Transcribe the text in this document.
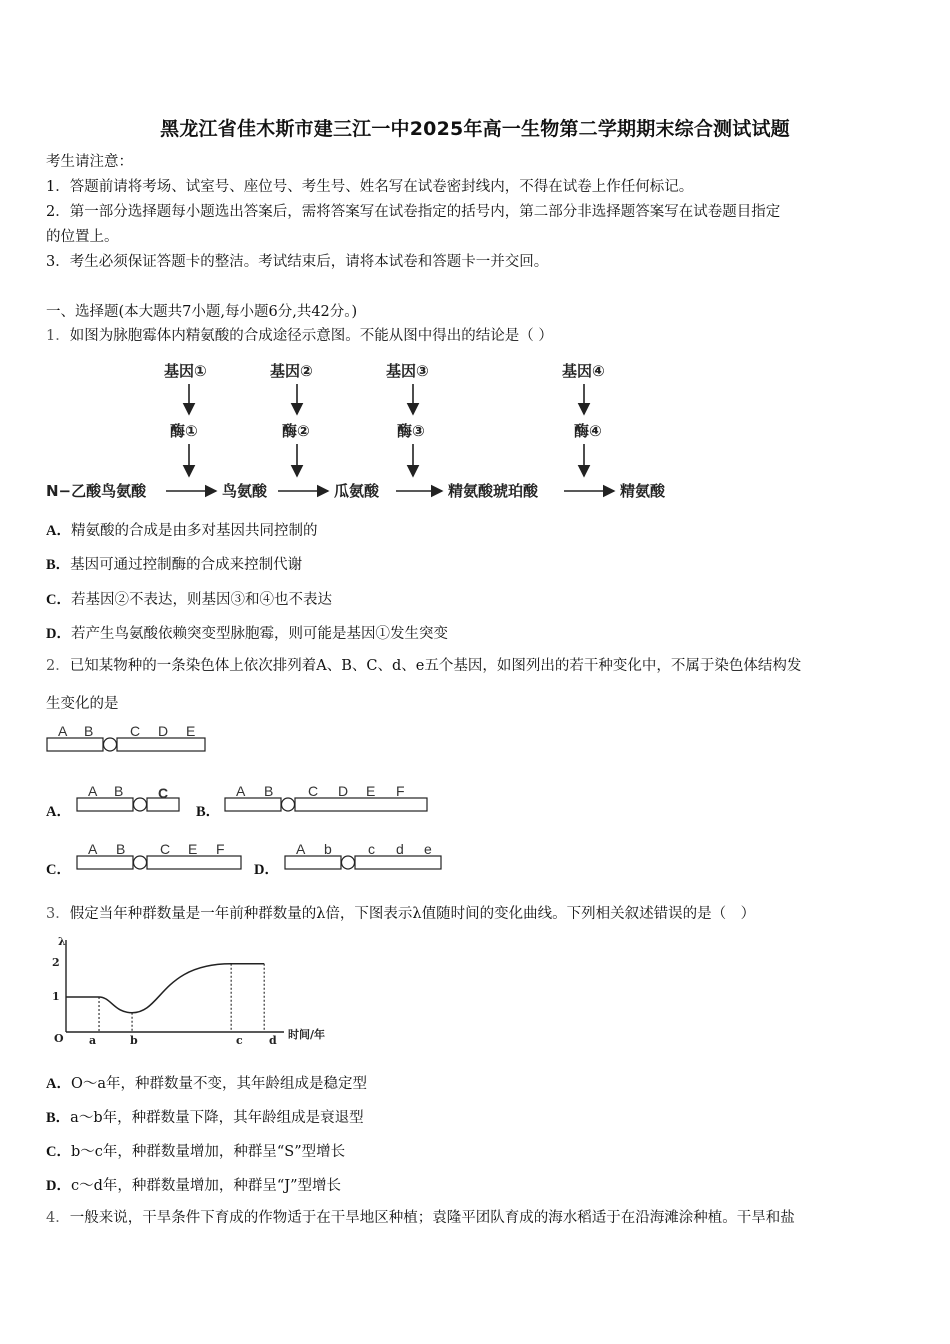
黑龙江省佳木斯市建三江一中2025年高一生物第二学期期末综合测试试题
考生请注意：
1．答题前请将考场、试室号、座位号、考生号、姓名写在试卷密封线内，不得在试卷上作任何标记。
2．第一部分选择题每小题选出答案后，需将答案写在试卷指定的括号内，第二部分非选择题答案写在试卷题目指定
的位置上。
3．考生必须保证答题卡的整洁。考试结束后，请将本试卷和答题卡一并交回。
一、选择题(本大题共7小题,每小题6分,共42分。)
1．如图为脉胞霉体内精氨酸的合成途径示意图。不能从图中得出的结论是（ ）
基因①	基因②	基因③	基因④
酶①	酶②	酶③	酶④
N−乙酸鸟氨酸	鸟氨酸	瓜氨酸	精氨酸琥珀酸	精氨酸
A．精氨酸的合成是由多对基因共同控制的
B．基因可通过控制酶的合成来控制代谢
C．若基因②不表达，则基因③和④也不表达
D．若产生鸟氨酸依赖突变型脉胞霉，则可能是基因①发生突变
2．已知某物种的一条染色体上依次排列着A、B、C、d、e五个基因，如图列出的若干种变化中，不属于染色体结构发
生变化的是
A B	C D E
A．
A B C
B．
A B C D E F
C．
A B C E F
D．
A b	c d e
3．假定当年种群数量是一年前种群数量的λ倍，下图表示λ值随时间的变化曲线。下列相关叙述错误的是（　）
λ
2
1
O a	b	c d 时间/年
A．O～a年，种群数量不变，其年龄组成是稳定型
B．a～b年，种群数量下降，其年龄组成是衰退型
C．b～c年，种群数量增加，种群呈“S”型增长
D．c～d年，种群数量增加，种群呈“J”型增长
4．一般来说，干旱条件下育成的作物适于在干旱地区种植；袁隆平团队育成的海水稻适于在沿海滩涂种植。干旱和盐
